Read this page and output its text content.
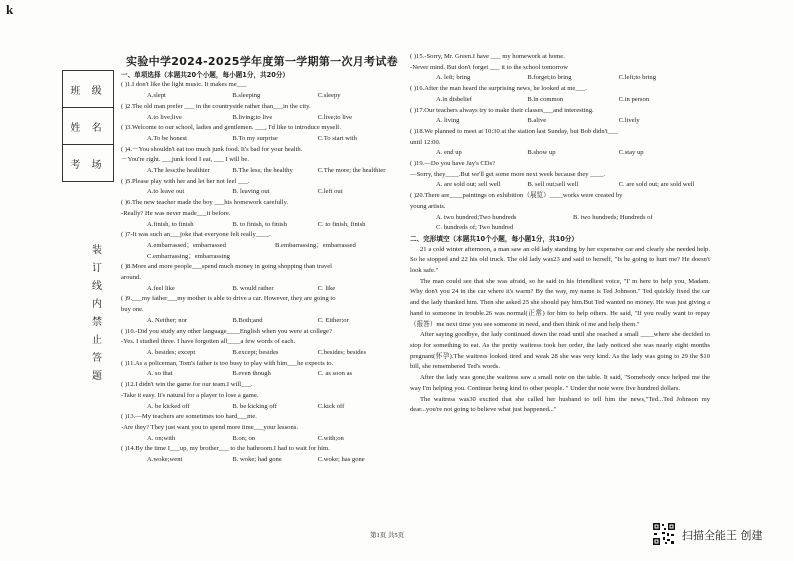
k
班 级
姓 名
考 场
装
订
线
内
禁
止
答
题
实验中学2024-2025学年度第一学期第一次月考试卷
一、单项选择（本题共20个小题，每小题1分，共20分）
( )1.I don't like the light music. It makes me___
A.slept	B.sleeping	C.sleepy
( )2.The old man prefer ___ in the countryside rather than___in the city.
A.to live;live	B.living;to live	C.live;to live
( )3.Welcome to our school, ladies and gentlemen. ___, I'd like to introduce myself.
A.To be honest	B.To my surprise	C.To start with
( )4.－You shouldn't eat too much junk food. It's bad for your health.
－You're right. ___junk food I eat, ___ I will be.
A.The less;the healthier	B.The less; the healthy	C.The more; the healthier
( )5.Please play with her and let her not feel ___.
A.to leave out	B. leaving out	C.left out
( )6.The new teacher made the boy ___his homework carefully.
-Really? He was never made___it before.
A.finish, to finish	B. to finish, to finish	C. to finish, finish
( )7-It was such an___joke that everyone felt really____.
A.embarrassed；embarrassed	B.embarrassing；embarrassed
C.embarrassing；embarrassing
( )8.More and more people___spend much money in going shopping than travel
around.
A.feel like	B. would rather	C. like
( )9.___my father___my mother is able to drive a car. However, they are going to
buy one.
A. Neither; nor	B.Both;and	C. Either;or
( )10.-Did you study any other language____English when you were at college?
-Yes. I studied three. I have forgotten all____a few words of each.
A. besides; except	B.except; besides	C.besides; besides
( )11.As a policeman, Tom's father is too busy to play with him___he expects to.
A. so that	B.even though	C. as soon as
( )12.I didn't win the game for our team.I will___.
-Take it easy. It's natural for a player to lose a game.
A. be kicked off	B. be kicking off	C.kick off
( )13.—My teachers are sometimes too hard___me.
-Are they? They just want you to spend more time___your lessons.
A. on;with	B.on; on	C.with;on
( )14.By the time I___up, my brother___ to the bathroom.I had to wait for him.
A.woke;went	B. woke; had gone	C.woke; has gone
( )15.-Sorry, Mr. Green.I have ___ my homework at home.
-Never mind. But don't forget ___ it to the school tomorrow
A. left; bring	B.forget;to bring	C.left;to bring
( )16.After the man heard the surprising news, he looked at me___.
A.in disbelief	B.in common	C.in person
( )17.Our teachers always try to make their classes___and interesting.
A. living	B.alive	C.lively
( )18.We planned to meet at 10:30 at the station last Sunday, but Bob didn't___
until 12:00.
A. end up	B.show up	C.stay up
( )19.—Do you have Jay's CDs?
—Sorry, they____.But we'll get some more next week because they ____.
A. are sold out; sell well	B. sell out;sell well	C. are sold out; are sold well
( )20.There are____paintings on exhibition（展览）____works were created by
young artists.
A. two hundred;Two hundreds	B. two hundreds; Hundreds of
C. hundreds of; Two hundred
二、完形填空（本题共10个小题，每小题1分，共10分）
21 a cold winter afternoon, a man saw an old lady standing by her expensive car and clearly she needed help. So he stopped and 22 his old truck. The old lady was23 and said to herself, "Is he going to hurt me? He doesn't look safe."
The man could see that she was afraid, so he said in his friendliest voice, "I' m here to help you, Madam. Why don't you 24 in the car where it's warm? By the way, my name is Ted Johnson." Ted quickly fixed the car and the lady thanked him. Then she asked 25 she should pay him.But Ted wanted no money. He was just giving a hand to someone in trouble.26 was normal(正常) for him to help others. He said, "If you really want to repay（报答）me next time you see someone in need, and then think of me and help them."
After saying goodbye, the lady continued down the road until she reached a small ____where she decided to stop for something to eat. As the pretty waitress took her order, the lady noticed she was nearly eight months pregnant(怀孕).The waitress looked tired and weak 28 she was very kind. As the lady was going to 29 the $10 bill, she remembered Ted's words.
After the lady was gone,the waitress saw a small note on the table. It said, "Somebody once helped me the way I'm helping you. Continue being kind to other people. " Under the note were five hundred dollars.
The waitress was30 excited that she called her husband to tell him the news,"Ted...Ted Johnson my dear...you're not going to believe what just happened..."
第1页 共5页	扫描全能王 创建
